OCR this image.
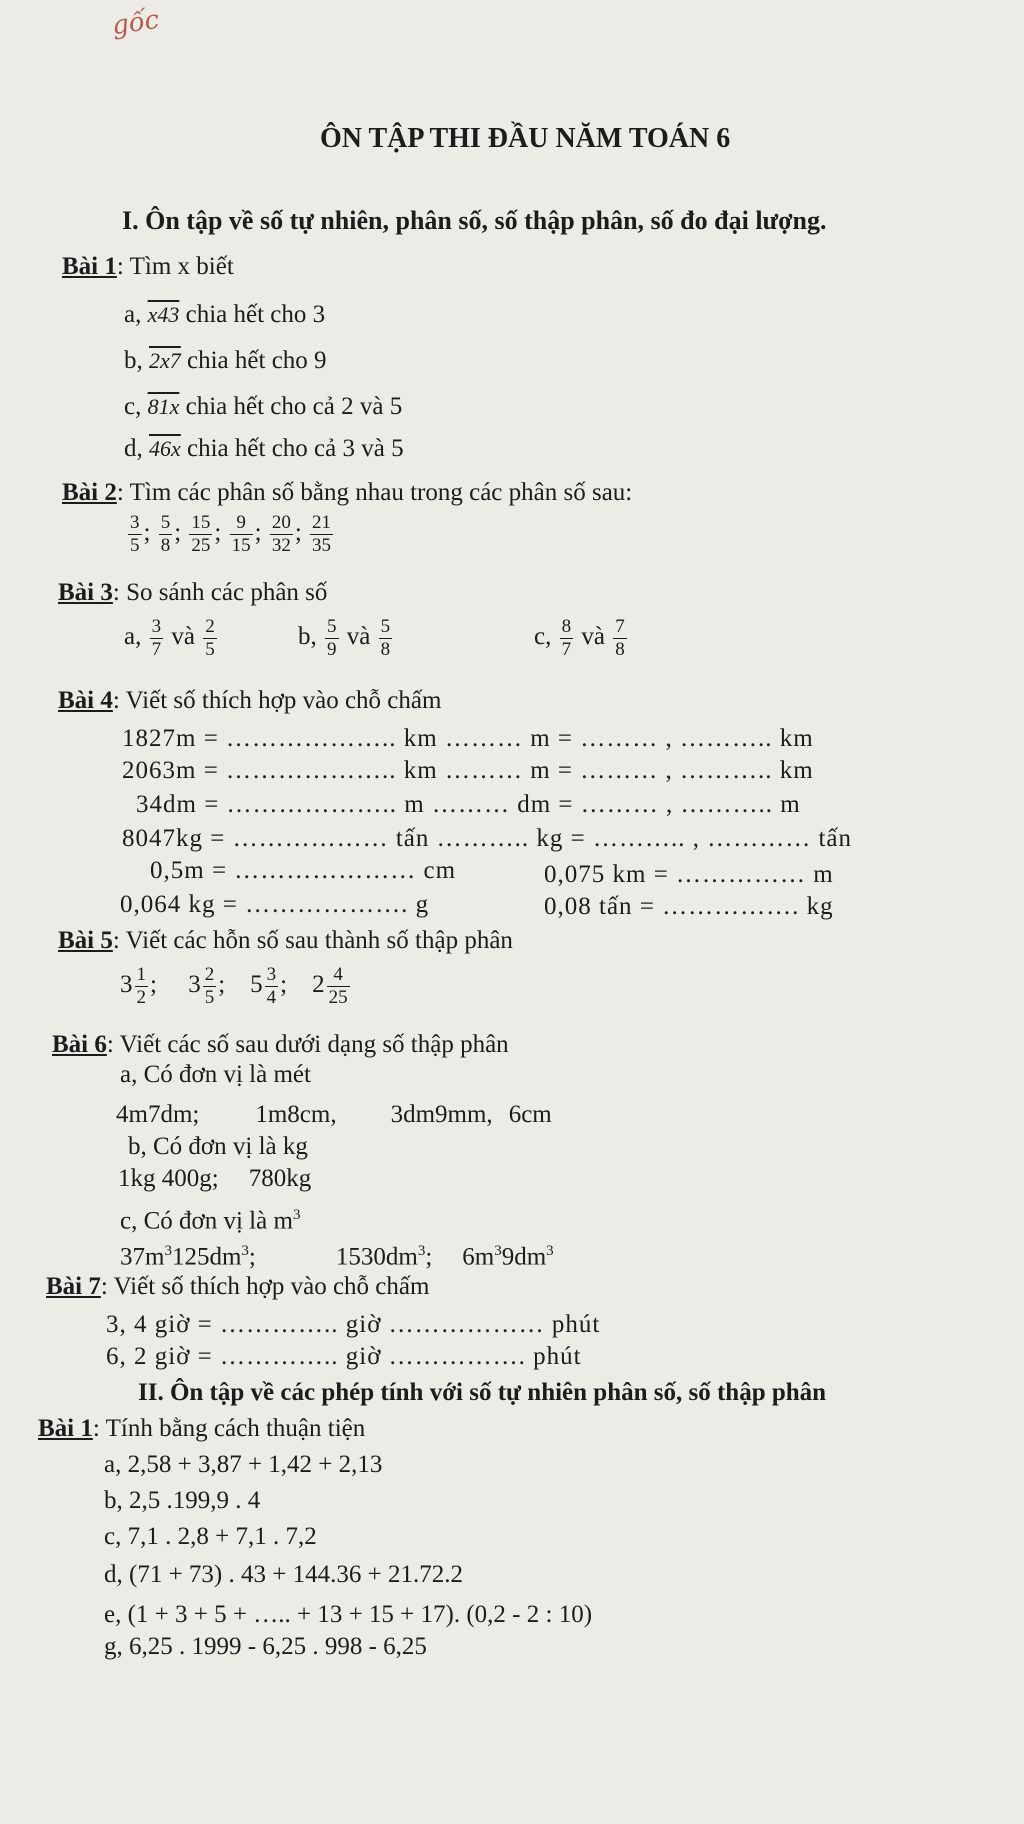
gốc
ÔN TẬP THI ĐẦU NĂM TOÁN 6
I. Ôn tập về số tự nhiên, phân số, số thập phân, số đo đại lượng.
Bài 1: Tìm x biết
a, x43 chia hết cho 3
b, 2x7 chia hết cho 9
c, 81x chia hết cho cả 2 và 5
d, 46x chia hết cho cả 3 và 5
Bài 2: Tìm các phân số bằng nhau trong các phân số sau:
$\frac{3}{5}$ ; $\frac{5}{8}$ ; $\frac{15}{25}$ ; $\frac{9}{15}$ ; $\frac{20}{32}$ ; $\frac{21}{35}$
Bài 3: So sánh các phân số
a, $\frac{3}{7}$ và $\frac{2}{5}$	b, $\frac{5}{9}$ và $\frac{5}{8}$	c, $\frac{8}{7}$ và $\frac{7}{8}$
Bài 4: Viết số thích hợp vào chỗ chấm
1827m = ……………….. km ……… m = ……… , ……….. km
2063m = ……………….. km ……… m = ……… , ……….. km
34dm = ……………….. m ……… dm = ……… , ……….. m
8047kg = ……………… tấn ……….. kg = ……….. , ………… tấn
0,5m = ………………… cm	0,075 km = …………… m
0,064 kg = ………………. g	0,08 tấn = ……………. kg
Bài 5: Viết các hỗn số sau thành số thập phân
$3 \frac{1}{2}$ ;     $3 \frac{2}{5}$ ;    $5 \frac{3}{4}$ ;    $2 \frac{4}{25}$
Bài 6: Viết các số sau dưới dạng số thập phân
a, Có đơn vị là mét
4m7dm; 1m8cm, 3dm9mm, 6cm
b, Có đơn vị là kg
1kg 400g; 780kg
c, Có đơn vị là $m^3$
$37m^3125dm^3$;	$1530dm^3$; $6m^39dm^3$
Bài 7: Viết số thích hợp vào chỗ chấm
3, 4 giờ = ………….. giờ ……………… phút
6, 2 giờ = ………….. giờ ……………. phút
II. Ôn tập về các phép tính với số tự nhiên phân số, số thập phân
Bài 1: Tính bằng cách thuận tiện
a, 2,58 + 3,87 + 1,42 + 2,13
b, 2,5 .199,9 . 4
c, 7,1 . 2,8 + 7,1 . 7,2
d, (71 + 73) . 43 + 144.36 + 21.72.2
e, (1 + 3 + 5 + ….. + 13 + 15 + 17). (0,2 - 2 : 10)
g, 6,25 . 1999 - 6,25 . 998 - 6,25
